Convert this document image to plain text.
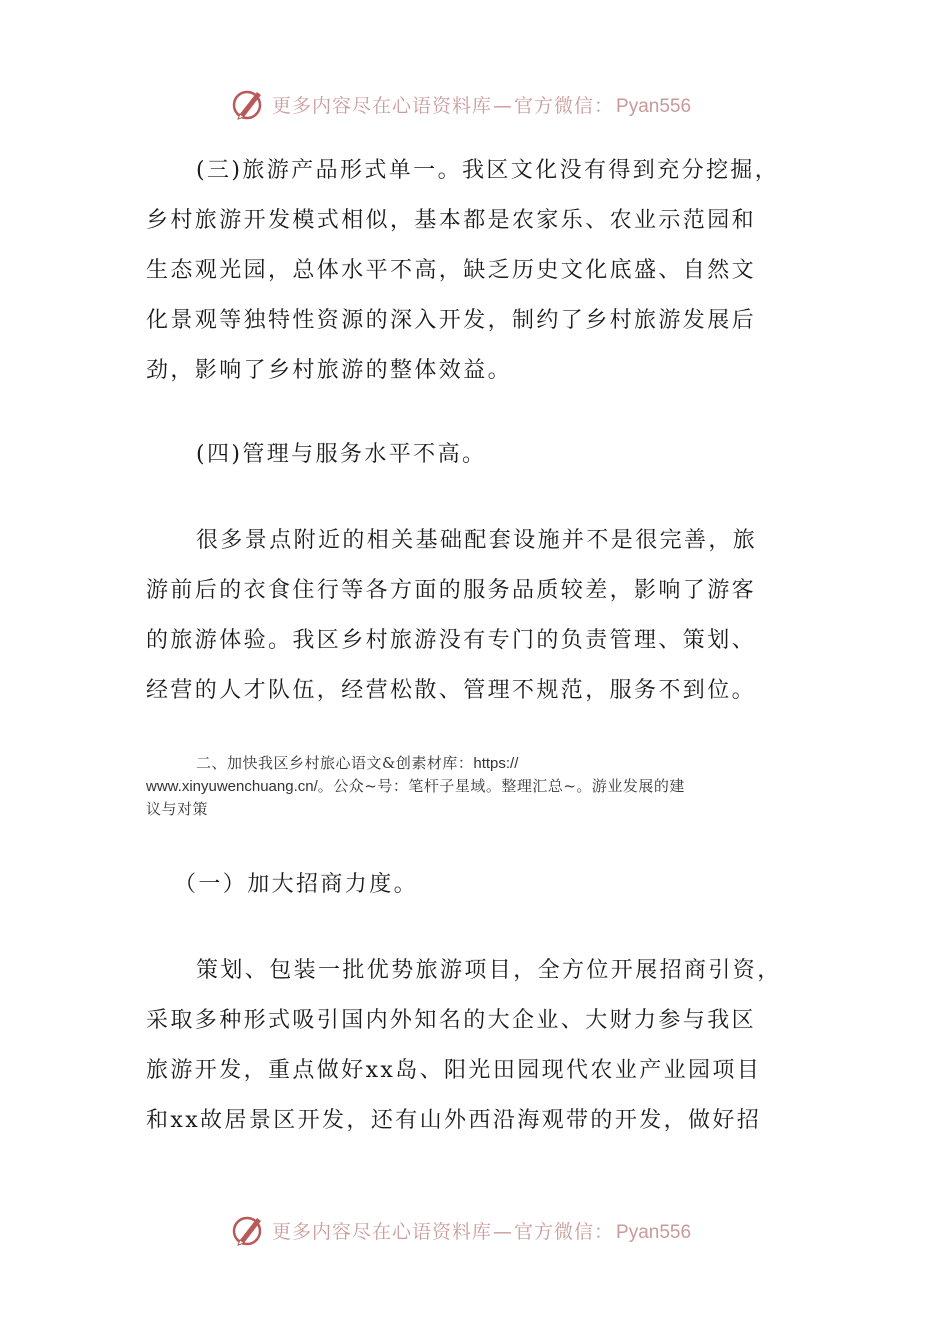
更多内容尽在心语资料库—官方微信： Pyan556
(三)旅游产品形式单一。我区文化没有得到充分挖掘，
乡村旅游开发模式相似，基本都是农家乐、农业示范园和
生态观光园，总体水平不高，缺乏历史文化底盛、自然文
化景观等独特性资源的深入开发，制约了乡村旅游发展后
劲，影响了乡村旅游的整体效益。
(四)管理与服务水平不高。
很多景点附近的相关基础配套设施并不是很完善，旅
游前后的衣食住行等各方面的服务品质较差，影响了游客
的旅游体验。我区乡村旅游没有专门的负责管理、策划、
经营的人才队伍，经营松散、管理不规范，服务不到位。
二、加快我区乡村旅心语文&创素材库：https://
www.xinyuwenchuang.cn/。公众~号：笔杆子星域。整理汇总~。游业发展的建
议与对策
（一）加大招商力度。
策划、包装一批优势旅游项目，全方位开展招商引资，
采取多种形式吸引国内外知名的大企业、大财力参与我区
旅游开发，重点做好xx岛、阳光田园现代农业产业园项目
和xx故居景区开发，还有山外西沿海观带的开发，做好招
更多内容尽在心语资料库—官方微信： Pyan556
